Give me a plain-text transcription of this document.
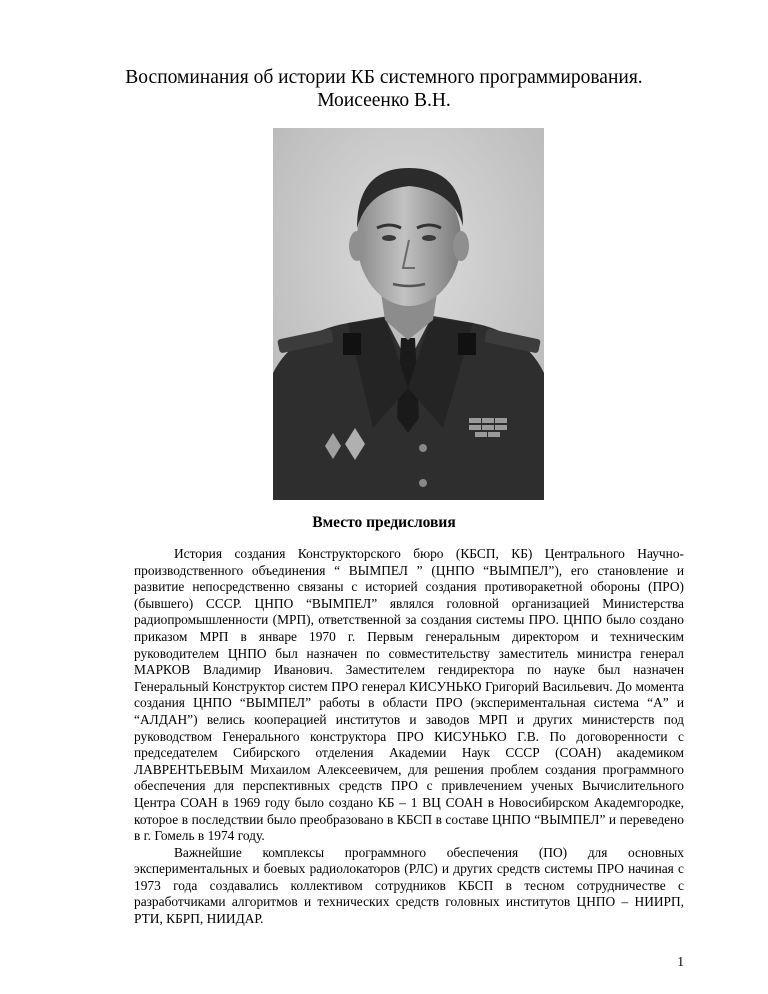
Воспоминания об истории КБ системного программирования.
Моисеенко В.Н.
Вместо предисловия

История создания Конструкторского бюро (КБСП, КБ) Центрального Научно-производственного объединения “ ВЫМПЕЛ ” (ЦНПО “ВЫМПЕЛ”), его становление и развитие непосредственно связаны с историей создания противоракетной обороны (ПРО) (бывшего) СССР. ЦНПО “ВЫМПЕЛ” являлся головной организацией Министерства радиопромышленности (МРП), ответственной за создания системы ПРО. ЦНПО было создано приказом МРП в январе 1970 г. Первым генеральным директором и техническим руководителем ЦНПО был назначен по совместительству заместитель министра генерал МАРКОВ Владимир Иванович. Заместителем гендиректора по науке был назначен Генеральный Конструктор систем ПРО генерал КИСУНЬКО Григорий Васильевич. До момента создания ЦНПО “ВЫМПЕЛ” работы в области ПРО (экспериментальная система “А” и “АЛДАН”) велись кооперацией институтов и заводов МРП и других министерств под руководством Генерального конструктора ПРО КИСУНЬКО Г.В. По договоренности с председателем Сибирского отделения Академии Наук СССР (СОАН) академиком ЛАВРЕНТЬЕВЫМ Михаилом Алексеевичем, для решения проблем создания программного обеспечения для перспективных средств ПРО с привлечением ученых Вычислительного Центра СОАН в 1969 году было создано КБ – 1 ВЦ СОАН в Новосибирском Академгородке, которое в последствии было преобразовано в КБСП в составе ЦНПО “ВЫМПЕЛ” и переведено в г. Гомель в 1974 году.

Важнейшие комплексы программного обеспечения (ПО) для основных экспериментальных и боевых радиолокаторов (РЛС) и других средств системы ПРО начиная с 1973 года создавались коллективом сотрудников КБСП в тесном сотрудничестве с разработчиками алгоритмов и технических средств головных институтов ЦНПО – НИИРП, РТИ, КБРП, НИИДАР.

1
